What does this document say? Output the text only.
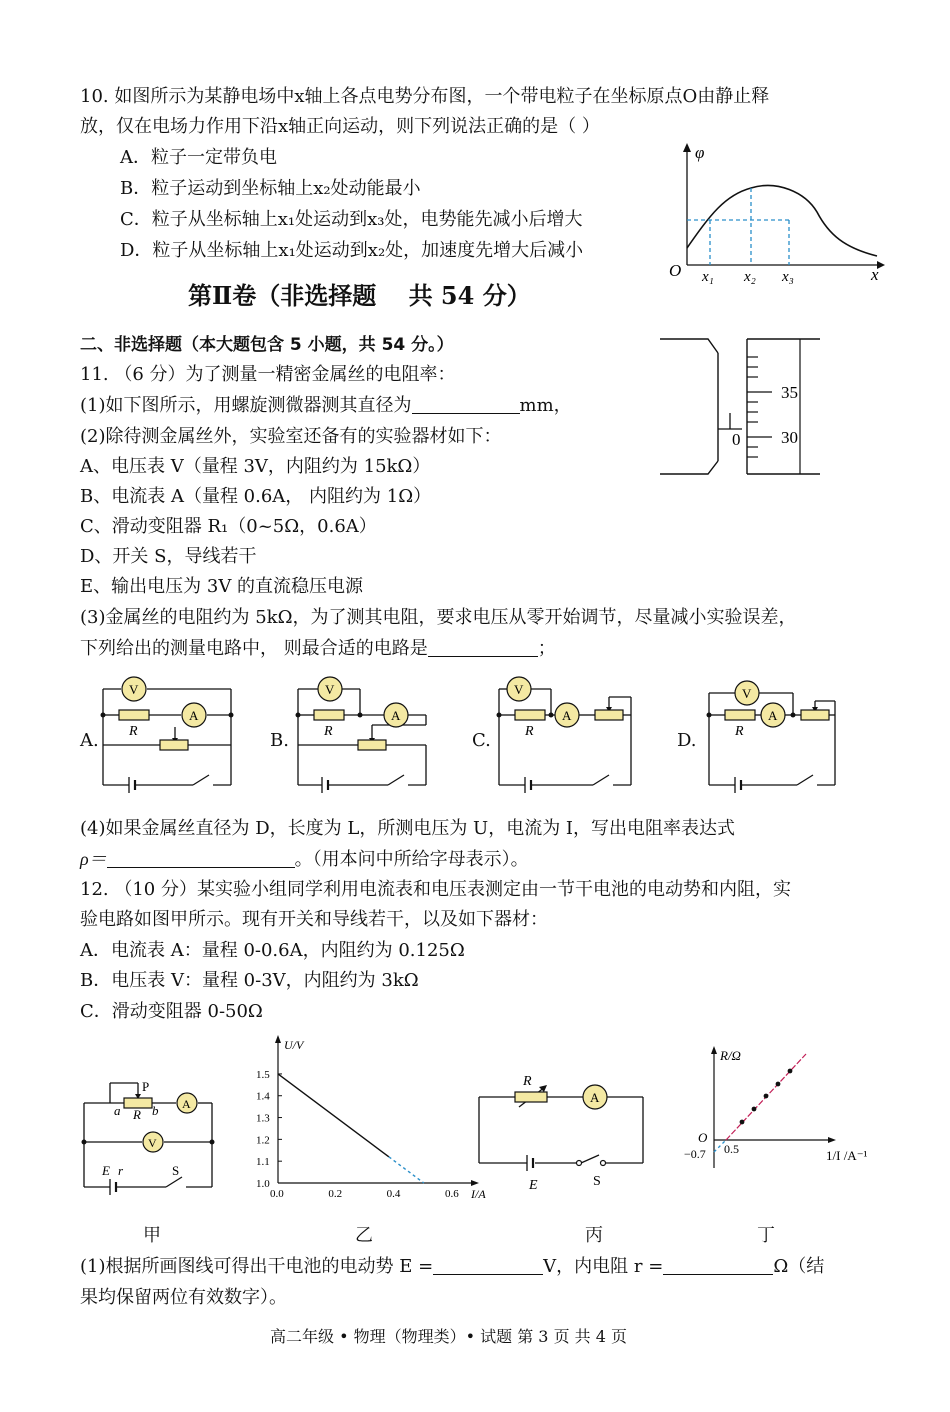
10. 如图所示为某静电场中x轴上各点电势分布图，一个带电粒子在坐标原点O由静止释
放，仅在电场力作用下沿x轴正向运动，则下列说法正确的是（ ）
A．粒子一定带负电
B．粒子运动到坐标轴上x₂处动能最小
C．粒子从坐标轴上x₁处运动到x₃处，电势能先减小后增大
D．粒子从坐标轴上x₁处运动到x₂处，加速度先增大后减小
φ
x
O x₁ x₂ x₃
第Ⅱ卷（非选择题　 共 54 分）
二、非选择题（本大题包含 5 小题，共 54 分。）
11. （6 分）为了测量一精密金属丝的电阻率：
(1)如下图所示，用螺旋测微器测其直径为	mm，
(2)除待测金属丝外，实验室还备有的实验器材如下：
A、电压表 V（量程 3V，内阻约为 15kΩ）
B、电流表 A（量程 0.6A， 内阻约为 1Ω）
C、滑动变阻器 R₁（0~5Ω，0.6A）
D、开关 S，导线若干
E、输出电压为 3V 的直流稳压电源
(3)金属丝的电阻约为 5kΩ，为了测其电阻，要求电压从零开始调节，尽量减小实验误差，
下列给出的测量电路中， 则最合适的电路是	；
0
35
30
A.	B.	C.	D.
V
A
R
V
A
R
V
A
R
V
A
R
(4)如果金属丝直径为 D，长度为 L，所测电压为 U，电流为 I，写出电阻率表达式
ρ＝	。（用本问中所给字母表示）。
12. （10 分）某实验小组同学利用电流表和电压表测定由一节干电池的电动势和内阻，实
验电路如图甲所示。现有开关和导线若干，以及如下器材：
A．电流表 A：量程 0-0.6A，内阻约为 0.125Ω
B．电压表 V：量程 0-3V，内阻约为 3kΩ
C．滑动变阻器 0-50Ω
A
V
P
a R b
E r	S
U/V
I/A
0.0	0.2	0.4	0.6
1.0
1.1
1.2
1.3
1.4
1.5
A
R
E	S
R/Ω
1/I /A⁻¹
O
−0.7 0.5
甲	乙	丙	丁
(1)根据所画图线可得出干电池的电动势 E =	V，内电阻 r =	Ω（结
果均保留两位有效数字）。
高二年级 • 物理（物理类）• 试题 第 3 页 共 4 页
